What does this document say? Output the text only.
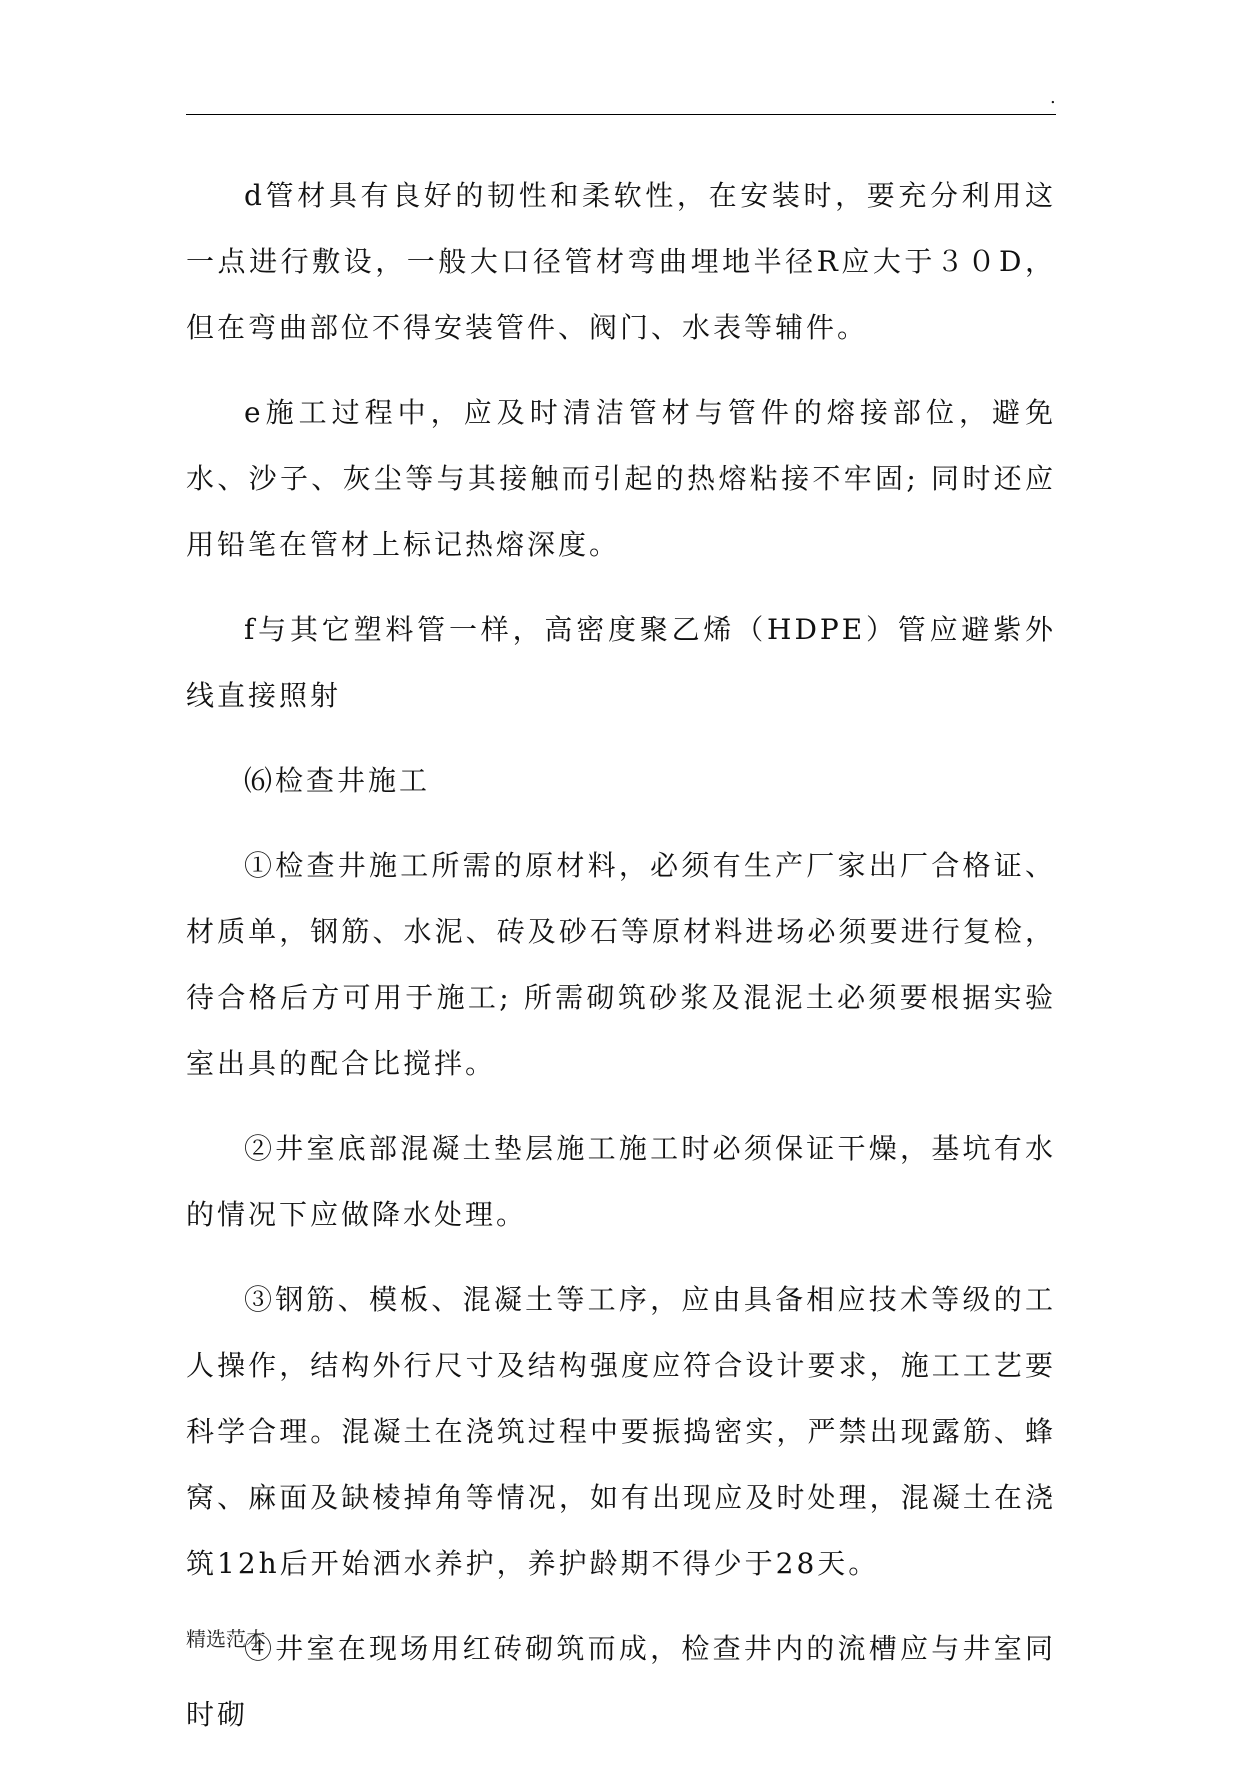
.

d管材具有良好的韧性和柔软性，在安装时，要充分利用这一点进行敷设，一般大口径管材弯曲埋地半径R应大于３０D，但在弯曲部位不得安装管件、阀门、水表等辅件。

e施工过程中，应及时清洁管材与管件的熔接部位，避免水、沙子、灰尘等与其接触而引起的热熔粘接不牢固; 同时还应用铅笔在管材上标记热熔深度。

f与其它塑料管一样，高密度聚乙烯（HDPE）管应避紫外线直接照射

⑹检查井施工

①检查井施工所需的原材料，必须有生产厂家出厂合格证、材质单，钢筋、水泥、砖及砂石等原材料进场必须要进行复检，待合格后方可用于施工; 所需砌筑砂浆及混泥土必须要根据实验室出具的配合比搅拌。

②井室底部混凝土垫层施工施工时必须保证干燥，基坑有水的情况下应做降水处理。

③钢筋、模板、混凝土等工序，应由具备相应技术等级的工人操作，结构外行尺寸及结构强度应符合设计要求，施工工艺要科学合理。混凝土在浇筑过程中要振捣密实，严禁出现露筋、蜂窝、麻面及缺棱掉角等情况，如有出现应及时处理，混凝土在浇筑12h后开始洒水养护，养护龄期不得少于28天。

④井室在现场用红砖砌筑而成，检查井内的流槽应与井室同时砌

精选范本
